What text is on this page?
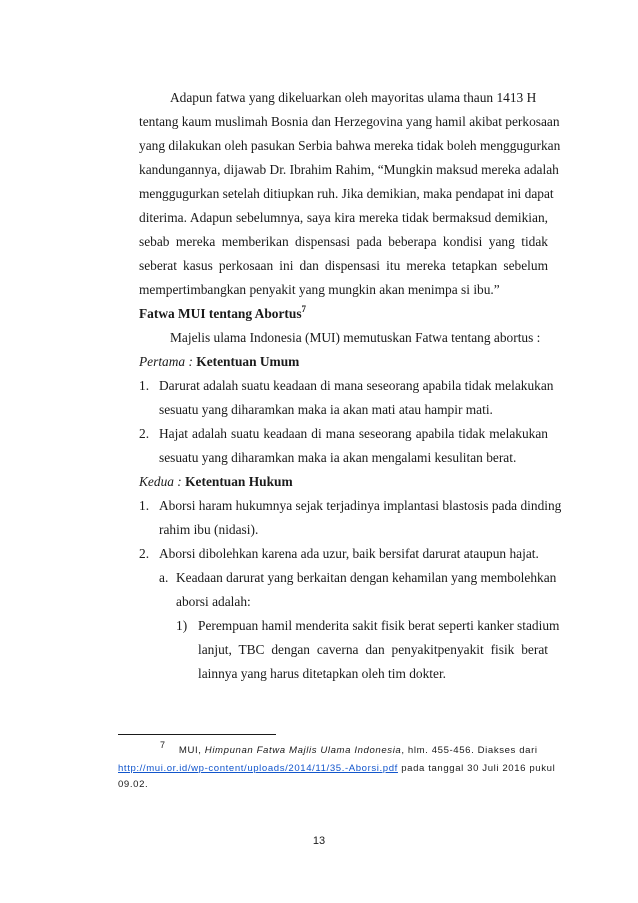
Adapun fatwa yang dikeluarkan oleh mayoritas ulama thaun 1413 H
tentang kaum muslimah Bosnia dan Herzegovina yang hamil akibat perkosaan
yang dilakukan oleh pasukan Serbia bahwa mereka tidak boleh menggugurkan
kandungannya, dijawab Dr. Ibrahim Rahim, “Mungkin maksud mereka adalah
menggugurkan setelah ditiupkan ruh. Jika demikian, maka pendapat ini dapat
diterima. Adapun sebelumnya, saya kira mereka tidak bermaksud demikian,
sebab mereka memberikan dispensasi pada beberapa kondisi yang tidak
seberat kasus perkosaan ini dan dispensasi itu mereka tetapkan sebelum
mempertimbangkan penyakit yang mungkin akan menimpa si ibu.”
Fatwa MUI tentang Abortus$^7$
Majelis ulama Indonesia (MUI) memutuskan Fatwa tentang abortus :
Pertama : Ketentuan Umum
1. Darurat adalah suatu keadaan di mana seseorang apabila tidak melakukan
sesuatu yang diharamkan maka ia akan mati atau hampir mati.
2. Hajat adalah suatu keadaan di mana seseorang apabila tidak melakukan
sesuatu yang diharamkan maka ia akan mengalami kesulitan berat.
Kedua : Ketentuan Hukum
1. Aborsi haram hukumnya sejak terjadinya implantasi blastosis pada dinding
rahim ibu (nidasi).
2. Aborsi dibolehkan karena ada uzur, baik bersifat darurat ataupun hajat.
a. Keadaan darurat yang berkaitan dengan kehamilan yang membolehkan
aborsi adalah:
1) Perempuan hamil menderita sakit fisik berat seperti kanker stadium
lanjut, TBC dengan caverna dan penyakitpenyakit fisik berat
lainnya yang harus ditetapkan oleh tim dokter.
$^7$ MUI, Himpunan Fatwa Majlis Ulama Indonesia, hlm. 455-456. Diakses dari
http://mui.or.id/wp-content/uploads/2014/11/35.-Aborsi.pdf pada tanggal 30 Juli 2016 pukul
09.02.
13
